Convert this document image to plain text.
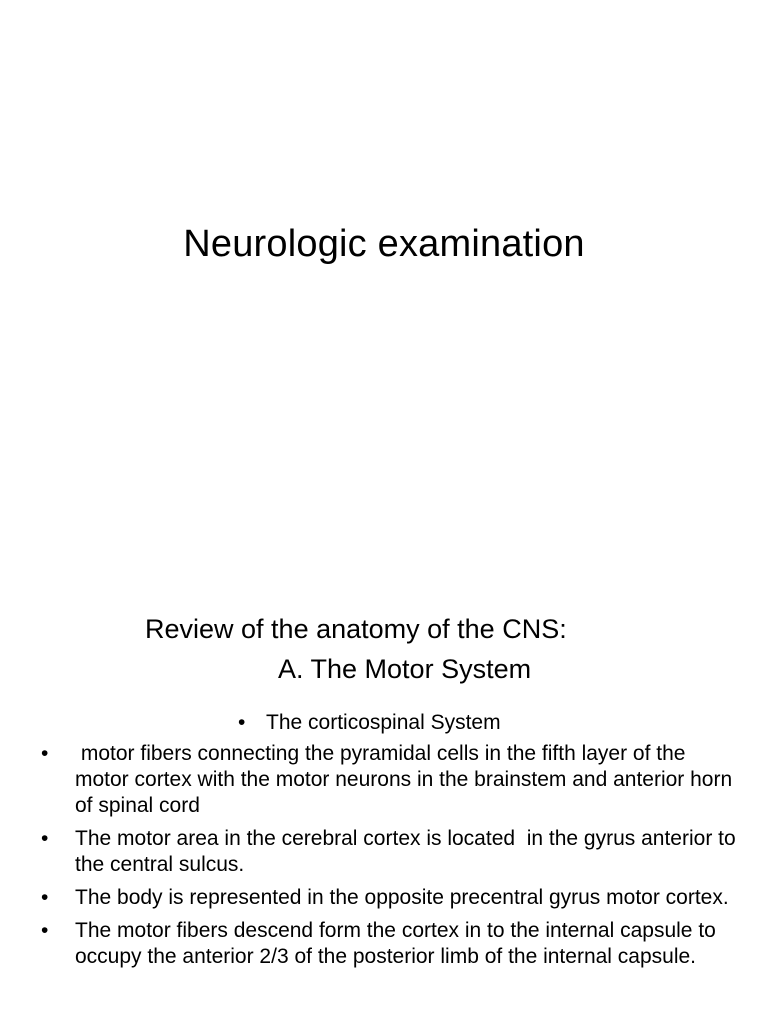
Neurologic examination
Review of the anatomy of the CNS:
A. The Motor System
• The corticospinal System
• motor fibers connecting the pyramidal cells in the fifth layer of the motor cortex with the motor neurons in the brainstem and anterior horn of spinal cord
• The motor area in the cerebral cortex is located  in the gyrus anterior to the central sulcus.
• The body is represented in the opposite precentral gyrus motor cortex.
• The motor fibers descend form the cortex in to the internal capsule to occupy the anterior 2/3 of the posterior limb of the internal capsule.
